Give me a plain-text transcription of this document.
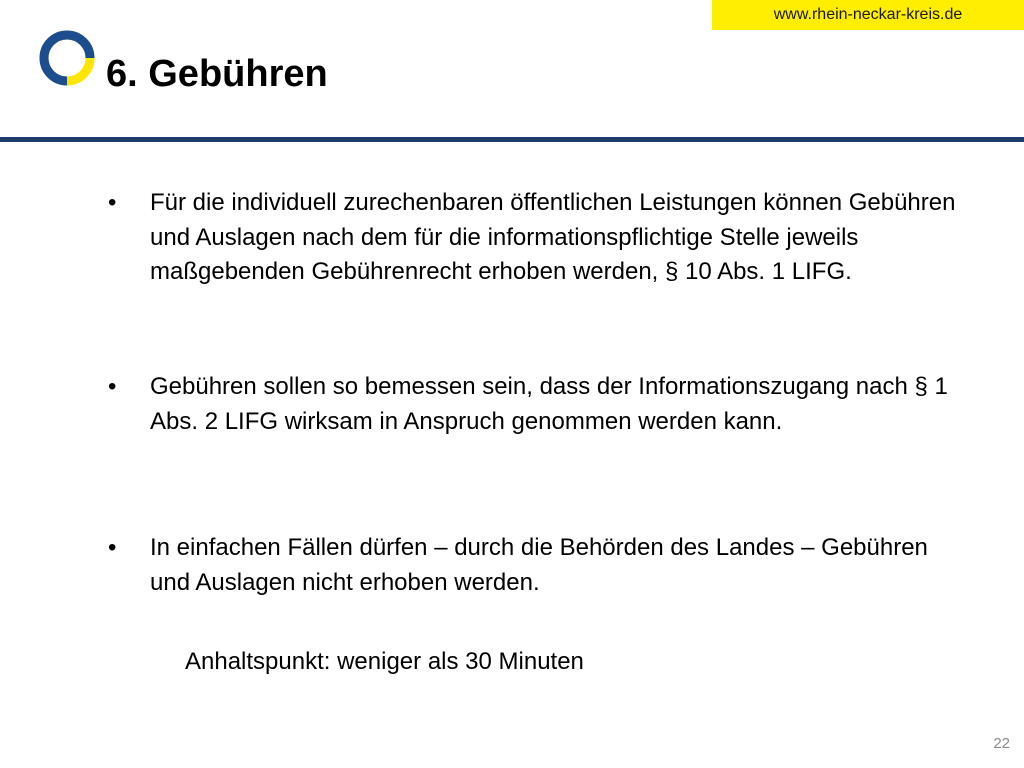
www.rhein-neckar-kreis.de
6. Gebühren
•	Für die individuell zurechenbaren öffentlichen Leistungen können Gebühren und Auslagen nach dem für die informationspflichtige Stelle jeweils maßgebenden Gebührenrecht erhoben werden, § 10 Abs. 1 LIFG.
•	Gebühren sollen so bemessen sein, dass der Informationszugang nach § 1 Abs. 2 LIFG wirksam in Anspruch genommen werden kann.
•	In einfachen Fällen dürfen – durch die Behörden des Landes – Gebühren und Auslagen nicht erhoben werden.
Anhaltspunkt: weniger als 30 Minuten
22
